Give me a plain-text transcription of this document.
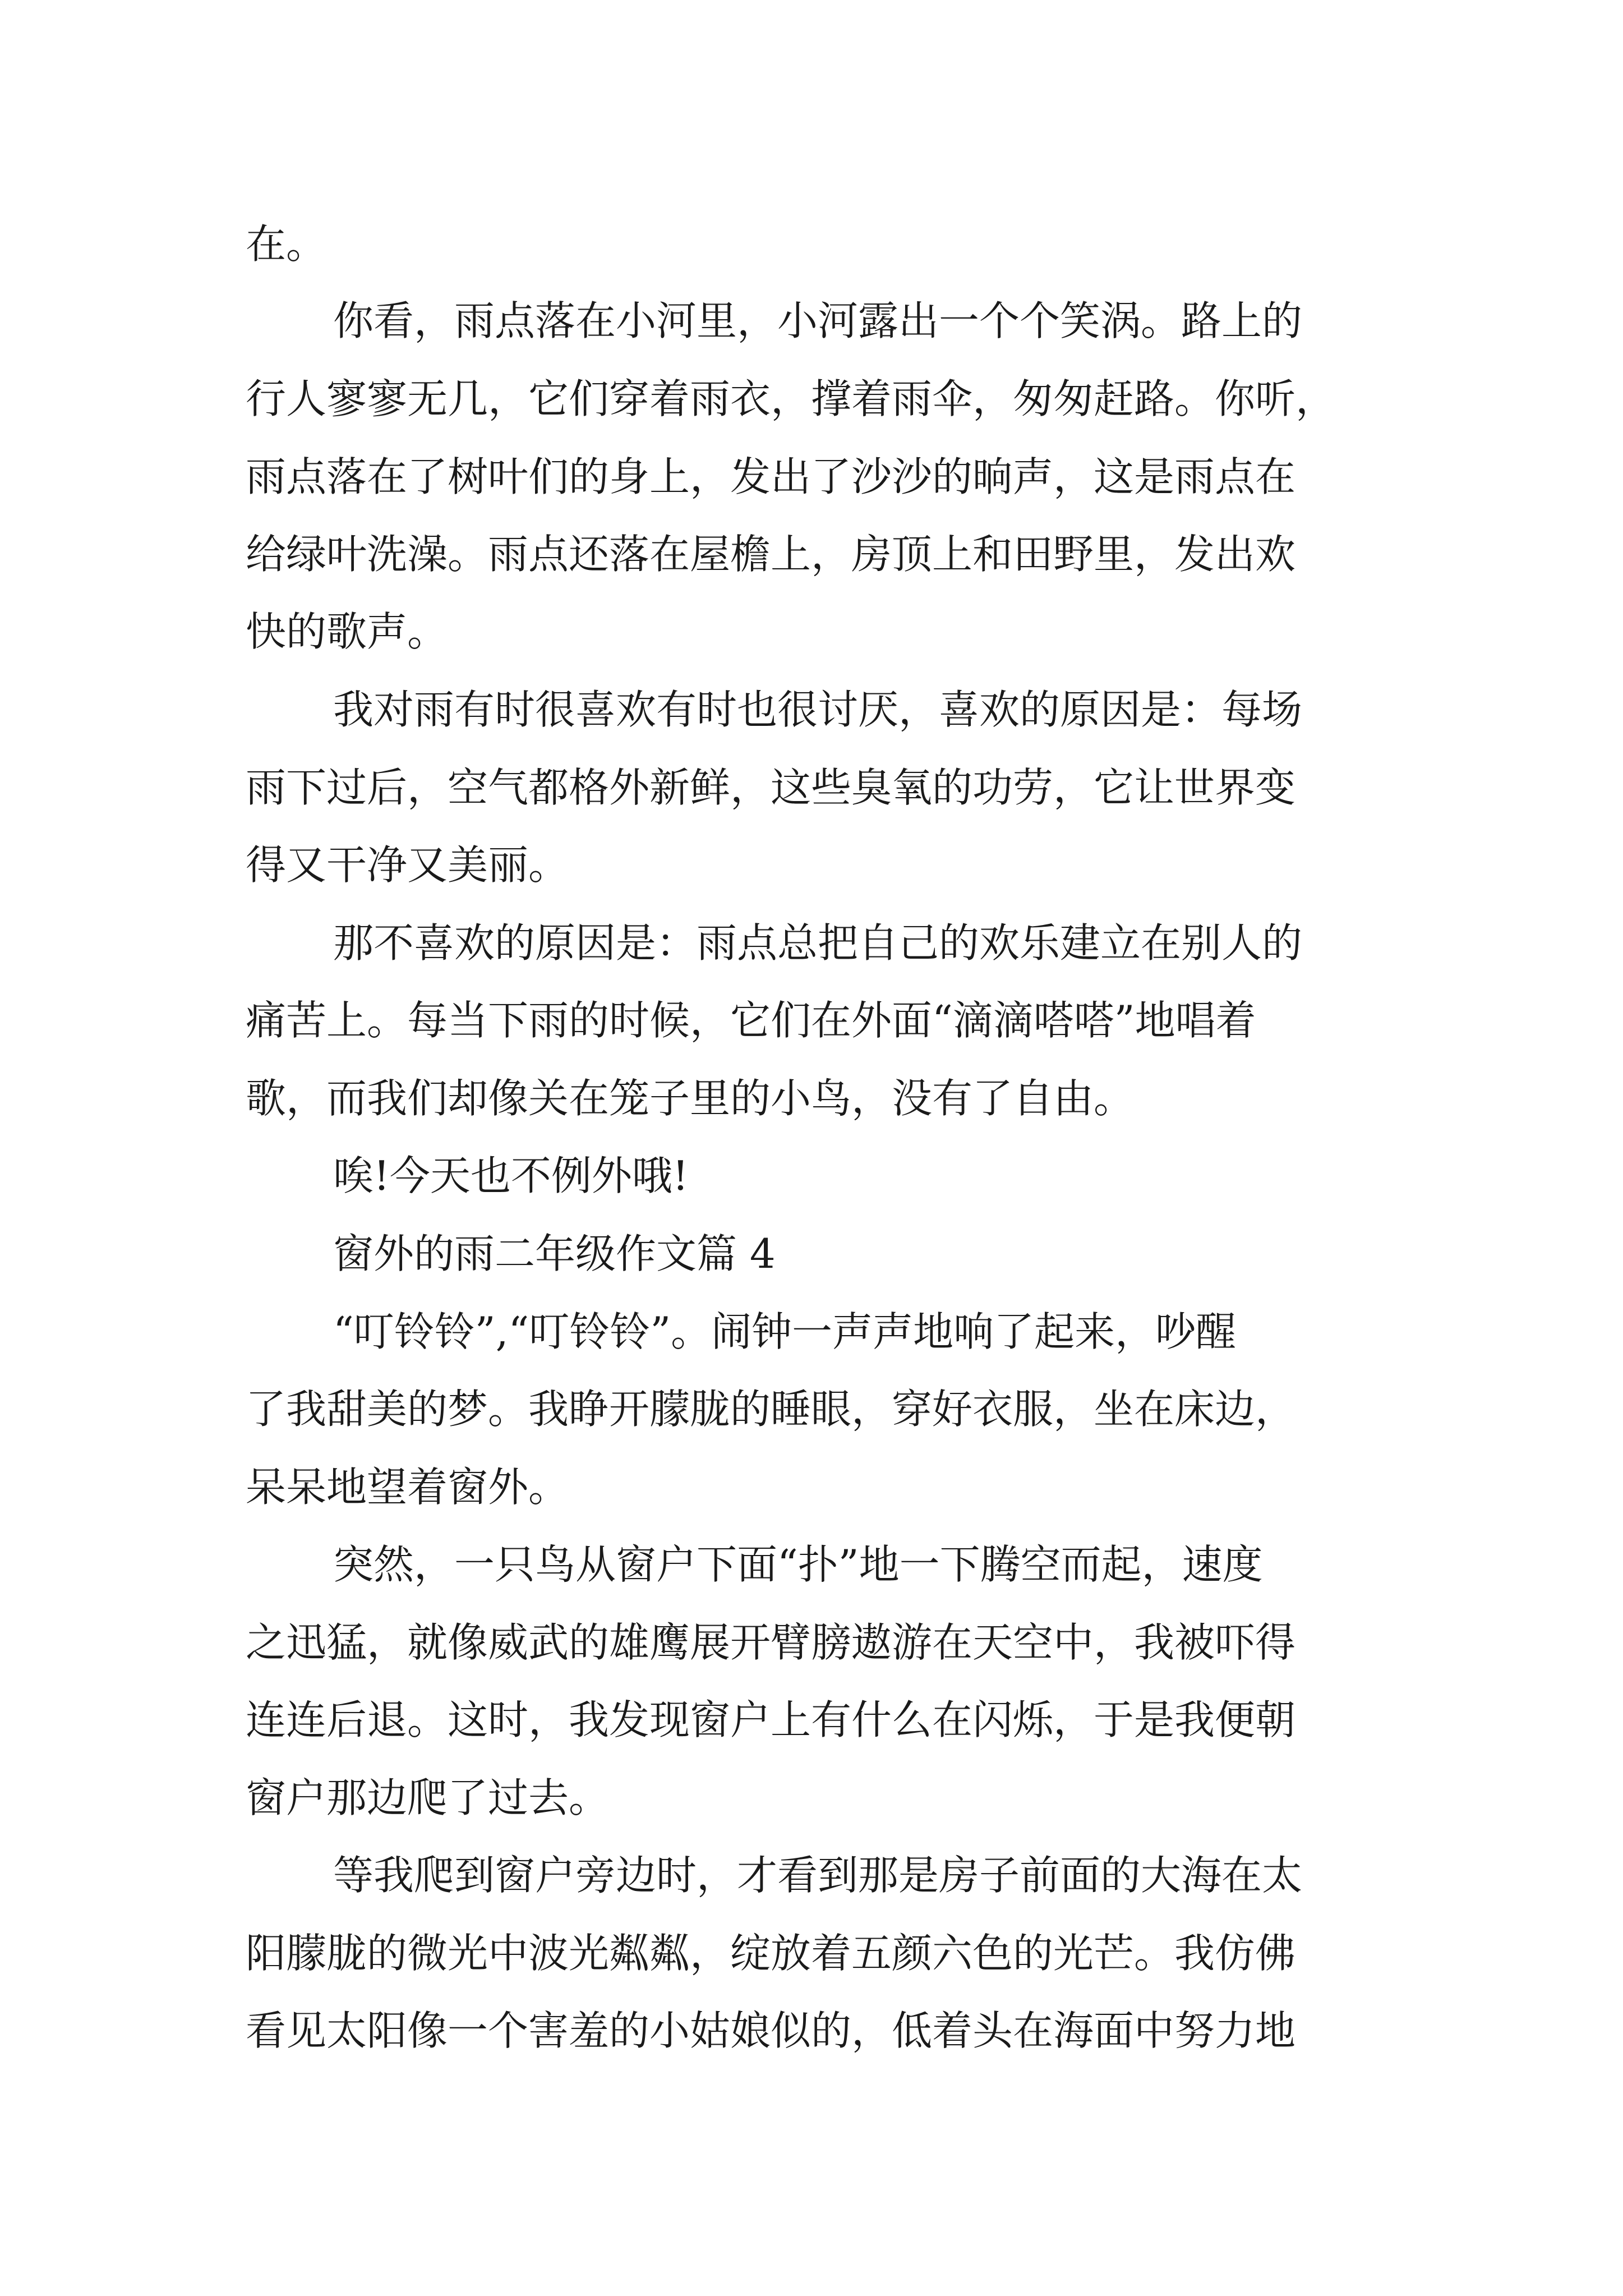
在。
你看，雨点落在小河里，小河露出一个个笑涡。路上的
行人寥寥无几，它们穿着雨衣，撑着雨伞，匆匆赶路。你听，
雨点落在了树叶们的身上，发出了沙沙的晌声，这是雨点在
给绿叶洗澡。雨点还落在屋檐上，房顶上和田野里，发出欢
快的歌声。
我对雨有时很喜欢有时也很讨厌，喜欢的原因是：每场
雨下过后，空气都格外新鲜，这些臭氧的功劳，它让世界变
得又干净又美丽。
那不喜欢的原因是：雨点总把自己的欢乐建立在别人的
痛苦上。每当下雨的时候，它们在外面“滴滴嗒嗒”地唱着
歌，而我们却像关在笼子里的小鸟，没有了自由。
唉!今天也不例外哦!
窗外的雨二年级作文篇 4
“叮铃铃”,“叮铃铃”。闹钟一声声地响了起来，吵醒
了我甜美的梦。我睁开朦胧的睡眼，穿好衣服，坐在床边，
呆呆地望着窗外。
突然，一只鸟从窗户下面“扑”地一下腾空而起，速度
之迅猛，就像威武的雄鹰展开臂膀遨游在天空中，我被吓得
连连后退。这时，我发现窗户上有什么在闪烁，于是我便朝
窗户那边爬了过去。
等我爬到窗户旁边时，才看到那是房子前面的大海在太
阳朦胧的微光中波光粼粼，绽放着五颜六色的光芒。我仿佛
看见太阳像一个害羞的小姑娘似的，低着头在海面中努力地
